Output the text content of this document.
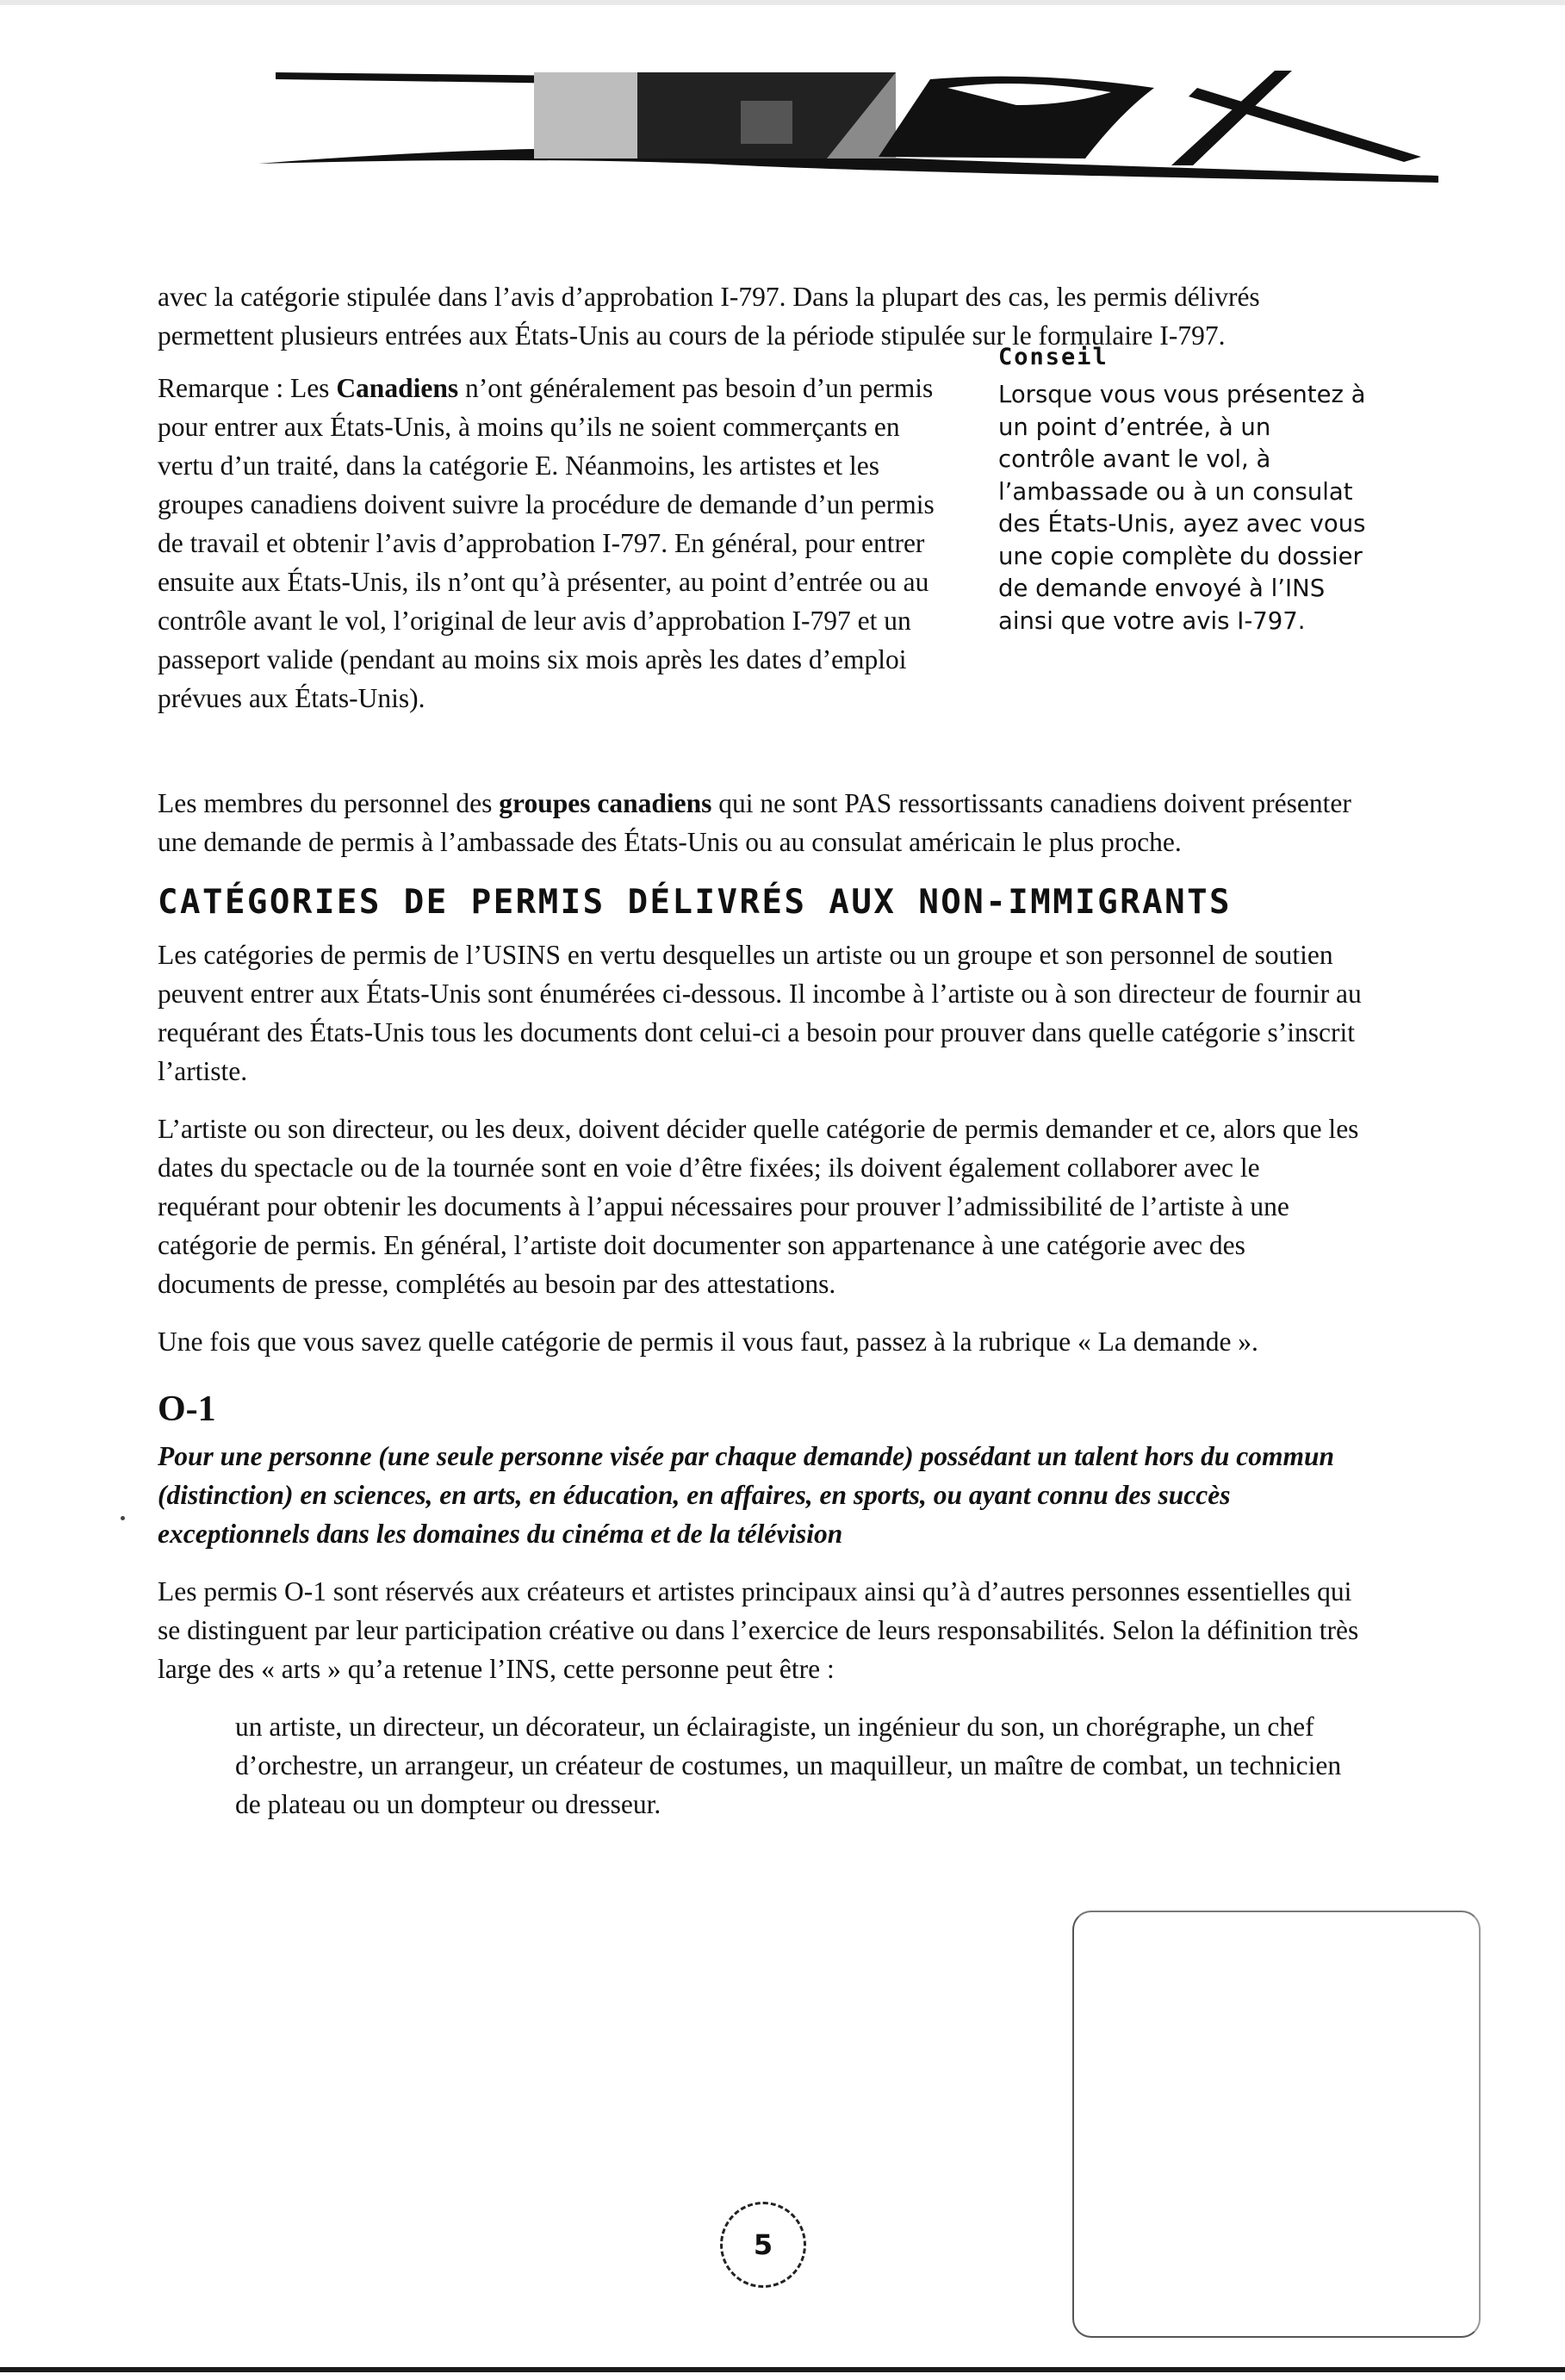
avec la catégorie stipulée dans l’avis d’approbation I-797. Dans la plupart des cas, les permis délivrés permettent plusieurs entrées aux États-Unis au cours de la période stipulée sur le formulaire I-797.

Remarque : Les Canadiens n’ont généralement pas besoin d’un permis pour entrer aux États-Unis, à moins qu’ils ne soient commerçants en vertu d’un traité, dans la catégorie E. Néanmoins, les artistes et les groupes canadiens doivent suivre la procédure de demande d’un permis de travail et obtenir l’avis d’approbation I-797. En général, pour entrer ensuite aux États-Unis, ils n’ont qu’à présenter, au point d’entrée ou au contrôle avant le vol, l’original de leur avis d’approbation I-797 et un passeport valide (pendant au moins six mois après les dates d’emploi prévues aux États-Unis).

Conseil
Lorsque vous vous présentez à un point d’entrée, à un contrôle avant le vol, à l’ambassade ou à un consulat des États-Unis, ayez avec vous une copie complète du dossier de demande envoyé à l’INS ainsi que votre avis I-797.

Les membres du personnel des groupes canadiens qui ne sont PAS ressortissants canadiens doivent présenter une demande de permis à l’ambassade des États-Unis ou au consulat américain le plus proche.

CATÉGORIES DE PERMIS DÉLIVRÉS AUX NON-IMMIGRANTS

Les catégories de permis de l’USINS en vertu desquelles un artiste ou un groupe et son personnel de soutien peuvent entrer aux États-Unis sont énumérées ci-dessous. Il incombe à l’artiste ou à son directeur de fournir au requérant des États-Unis tous les documents dont celui-ci a besoin pour prouver dans quelle catégorie s’inscrit l’artiste.

L’artiste ou son directeur, ou les deux, doivent décider quelle catégorie de permis demander et ce, alors que les dates du spectacle ou de la tournée sont en voie d’être fixées; ils doivent également collaborer avec le requérant pour obtenir les documents à l’appui nécessaires pour prouver l’admissibilité de l’artiste à une catégorie de permis. En général, l’artiste doit documenter son appartenance à une catégorie avec des documents de presse, complétés au besoin par des attestations.

Une fois que vous savez quelle catégorie de permis il vous faut, passez à la rubrique « La demande ».

O-1

Pour une personne (une seule personne visée par chaque demande) possédant un talent hors du commun (distinction) en sciences, en arts, en éducation, en affaires, en sports, ou ayant connu des succès exceptionnels dans les domaines du cinéma et de la télévision

Les permis O-1 sont réservés aux créateurs et artistes principaux ainsi qu’à d’autres personnes essentielles qui se distinguent par leur participation créative ou dans l’exercice de leurs responsabilités. Selon la définition très large des « arts » qu’a retenue l’INS, cette personne peut être :

un artiste, un directeur, un décorateur, un éclairagiste, un ingénieur du son, un chorégraphe, un chef d’orchestre, un arrangeur, un créateur de costumes, un maquilleur, un maître de combat, un technicien de plateau ou un dompteur ou dresseur.

5
